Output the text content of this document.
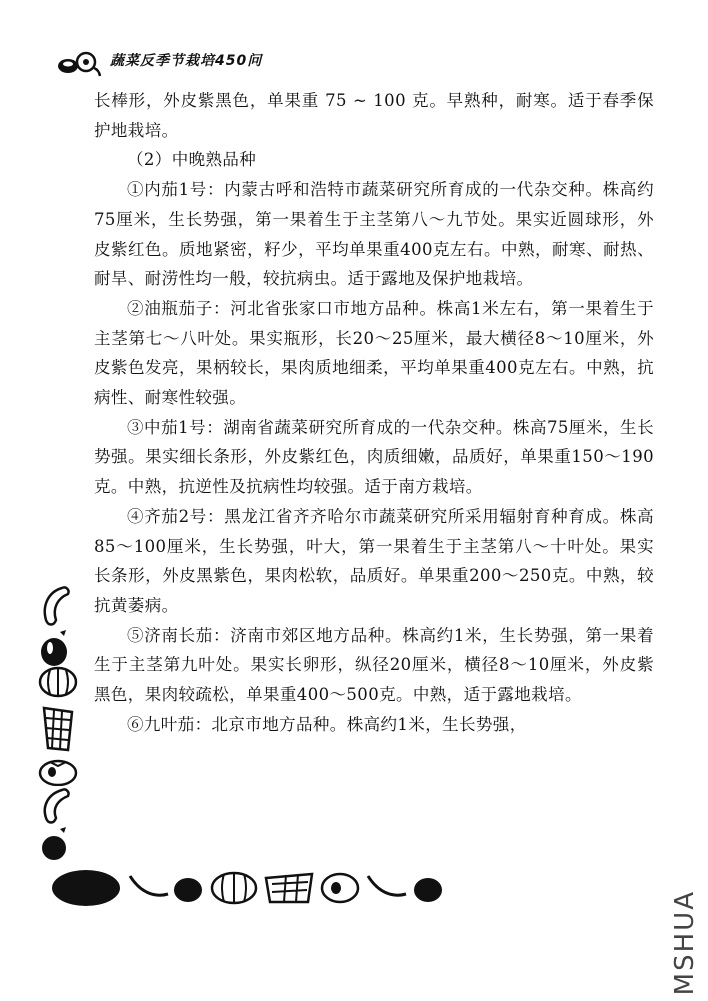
蔬菜反季节栽培450问

长棒形，外皮紫黑色，单果重 75 ~ 100 克。早熟种，耐寒。适于春季保护地栽培。

（2）中晚熟品种

①内茄1号：内蒙古呼和浩特市蔬菜研究所育成的一代杂交种。株高约75厘米，生长势强，第一果着生于主茎第八～九节处。果实近圆球形，外皮紫红色。质地紧密，籽少，平均单果重400克左右。中熟，耐寒、耐热、耐旱、耐涝性均一般，较抗病虫。适于露地及保护地栽培。

②油瓶茄子：河北省张家口市地方品种。株高1米左右，第一果着生于主茎第七～八叶处。果实瓶形，长20～25厘米，最大横径8～10厘米，外皮紫色发亮，果柄较长，果肉质地细柔，平均单果重400克左右。中熟，抗病性、耐寒性较强。

③中茄1号：湖南省蔬菜研究所育成的一代杂交种。株高75厘米，生长势强。果实细长条形，外皮紫红色，肉质细嫩，品质好，单果重150～190克。中熟，抗逆性及抗病性均较强。适于南方栽培。

④齐茄2号：黑龙江省齐齐哈尔市蔬菜研究所采用辐射育种育成。株高85～100厘米，生长势强，叶大，第一果着生于主茎第八～十叶处。果实长条形，外皮黑紫色，果肉松软，品质好。单果重200～250克。中熟，较抗黄萎病。

⑤济南长茄：济南市郊区地方品种。株高约1米，生长势强，第一果着生于主茎第九叶处。果实长卵形，纵径20厘米，横径8～10厘米，外皮紫黑色，果肉较疏松，单果重400～500克。中熟，适于露地栽培。

⑥九叶茄：北京市地方品种。株高约1米，生长势强，

MSHUA
